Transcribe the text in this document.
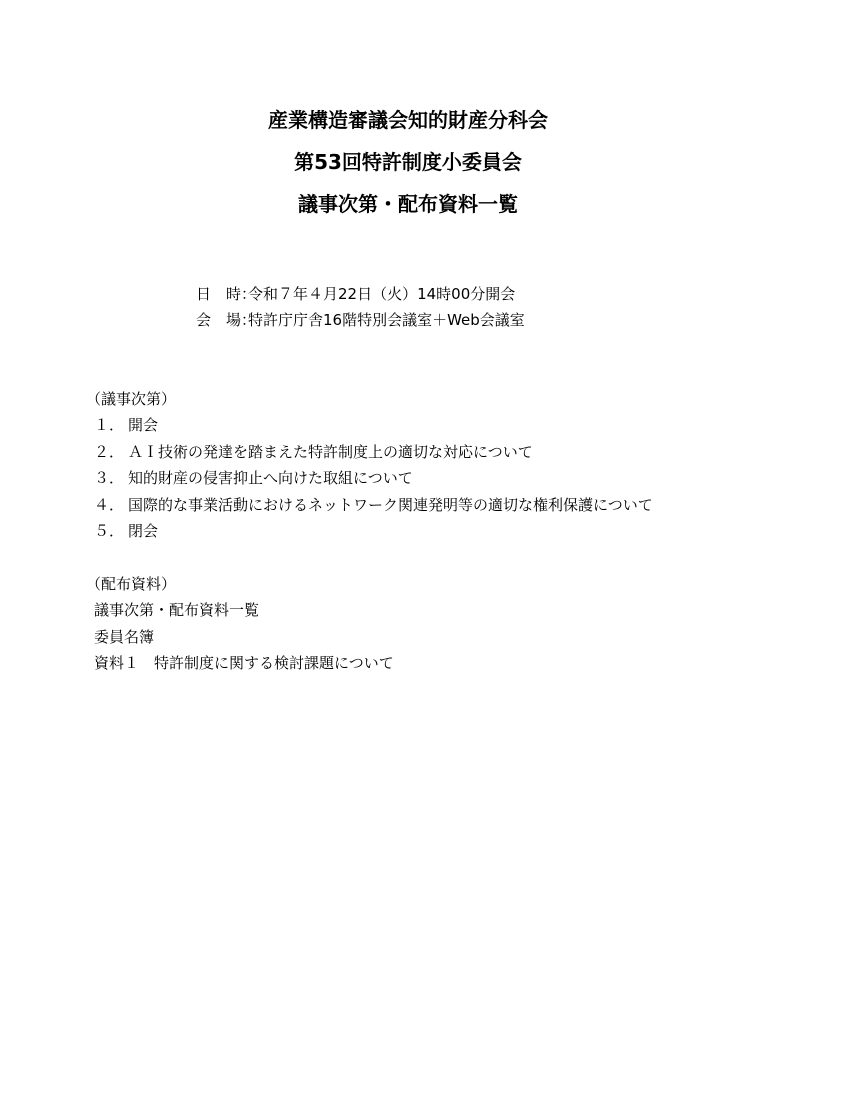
産業構造審議会知的財産分科会
第53回特許制度小委員会
議事次第・配布資料一覧
日　時：令和７年４月22日（火）14時00分開会
会　場：特許庁庁舎16階特別会議室＋Web会議室
（議事次第）
１． 開会
２． ＡＩ技術の発達を踏まえた特許制度上の適切な対応について
３． 知的財産の侵害抑止へ向けた取組について
４． 国際的な事業活動におけるネットワーク関連発明等の適切な権利保護について
５． 閉会
（配布資料）
議事次第・配布資料一覧
委員名簿
資料１　特許制度に関する検討課題について
